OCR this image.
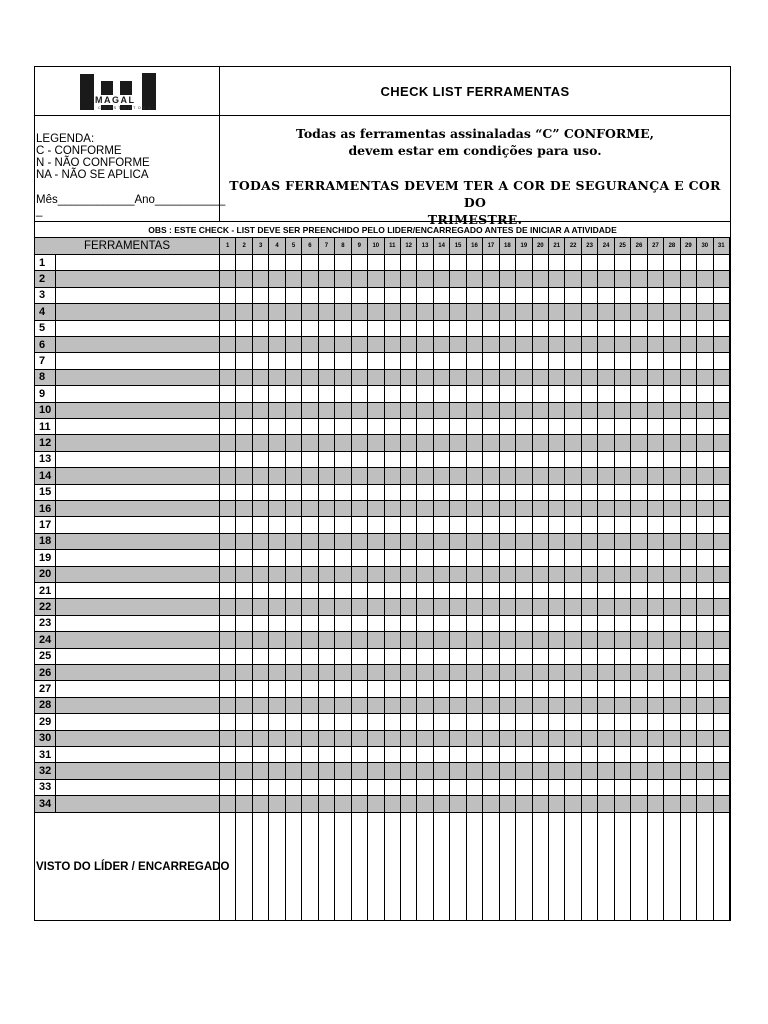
MAGAL
CONSTRUTORA
CHECK LIST FERRAMENTAS
LEGENDA:
C - CONFORME
N - NÃO CONFORME
NA - NÃO SE APLICA
Mês____________Ano___________
_
Todas as ferramentas assinaladas “C” CONFORME,
devem estar em condições para uso.
TODAS FERRAMENTAS DEVEM TER A COR DE SEGURANÇA E COR DO
TRIMESTRE.
OBS : ESTE CHECK - LIST DEVE SER PREENCHIDO PELO LIDER/ENCARREGADO ANTES DE INICIAR A ATIVIDADE
FERRAMENTAS	1 2 3 4 5 6 7 8 9 10 11 12 13 14 15 16 17 18 19 20 21 22 23 24 25 26 27 28 29 30 31
1
2
3
4
5
6
7
8
9
10
11
12
13
14
15
16
17
18
19
20
21
22
23
24
25
26
27
28
29
30
31
32
33
34
VISTO DO LÍDER / ENCARREGADO
